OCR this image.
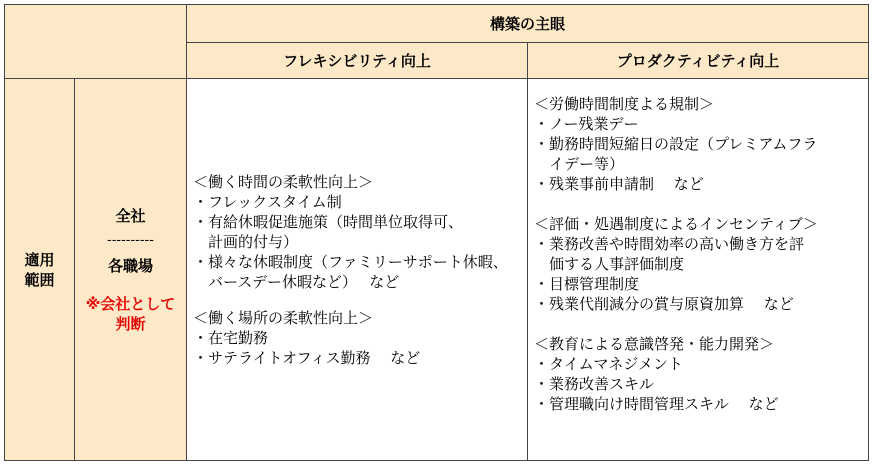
構築の主眼
フレキシビリティ向上	プロダクティビティ向上
適用
範囲
全社
----------
各職場
※会社として
判断
＜働く時間の柔軟性向上＞
・フレックスタイム制
・有給休暇促進施策（時間単位取得可、
　計画的付与）
・様々な休暇制度（ファミリーサポート休暇、
　バースデー休暇など）　 など
＜働く場所の柔軟性向上＞
・在宅勤務
・サテライトオフィス勤務　 など
＜労働時間制度よる規制＞
・ノー残業デー
・勤務時間短縮日の設定（プレミアムフラ
　イデー等）
・残業事前申請制　 など
＜評価・処遇制度によるインセンティブ＞
・業務改善や時間効率の高い働き方を評
　価する人事評価制度
・目標管理制度
・残業代削減分の賞与原資加算　 など
＜教育による意識啓発・能力開発＞
・タイムマネジメント
・業務改善スキル
・管理職向け時間管理スキル　 など
